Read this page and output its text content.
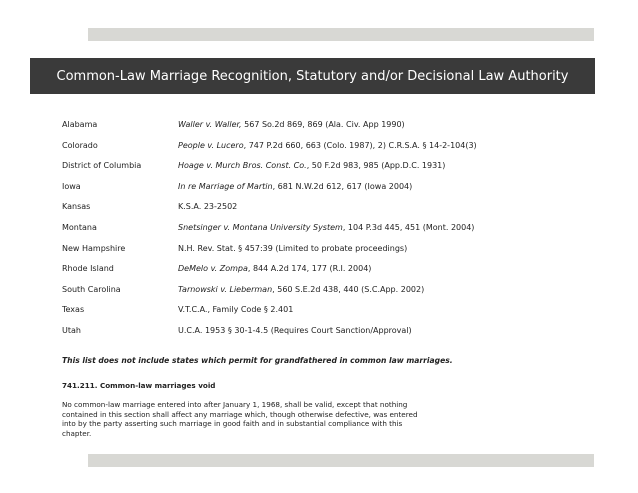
Common-Law Marriage Recognition, Statutory and/or Decisional Law Authority
Alabama	Waller v. Waller, 567 So.2d 869, 869 (Ala. Civ. App 1990)
Colorado	People v. Lucero, 747 P.2d 660, 663 (Colo. 1987), 2) C.R.S.A. § 14-2-104(3)
District of Columbia	Hoage v. Murch Bros. Const. Co., 50 F.2d 983, 985 (App.D.C. 1931)
Iowa	In re Marriage of Martin, 681 N.W.2d 612, 617 (Iowa 2004)
Kansas	K.S.A. 23-2502
Montana	Snetsinger v. Montana University System, 104 P.3d 445, 451 (Mont. 2004)
New Hampshire	N.H. Rev. Stat. § 457:39 (Limited to probate proceedings)
Rhode Island	DeMelo v. Zompa, 844 A.2d 174, 177 (R.I. 2004)
South Carolina	Tarnowski v. Lieberman, 560 S.E.2d 438, 440 (S.C.App. 2002)
Texas	V.T.C.A., Family Code § 2.401
Utah	U.C.A. 1953 § 30-1-4.5 (Requires Court Sanction/Approval)
This list does not include states which permit for grandfathered in common law marriages.
741.211. Common-law marriages void
No common-law marriage entered into after January 1, 1968, shall be valid, except that nothing
contained in this section shall affect any marriage which, though otherwise defective, was entered
into by the party asserting such marriage in good faith and in substantial compliance with this
chapter.
